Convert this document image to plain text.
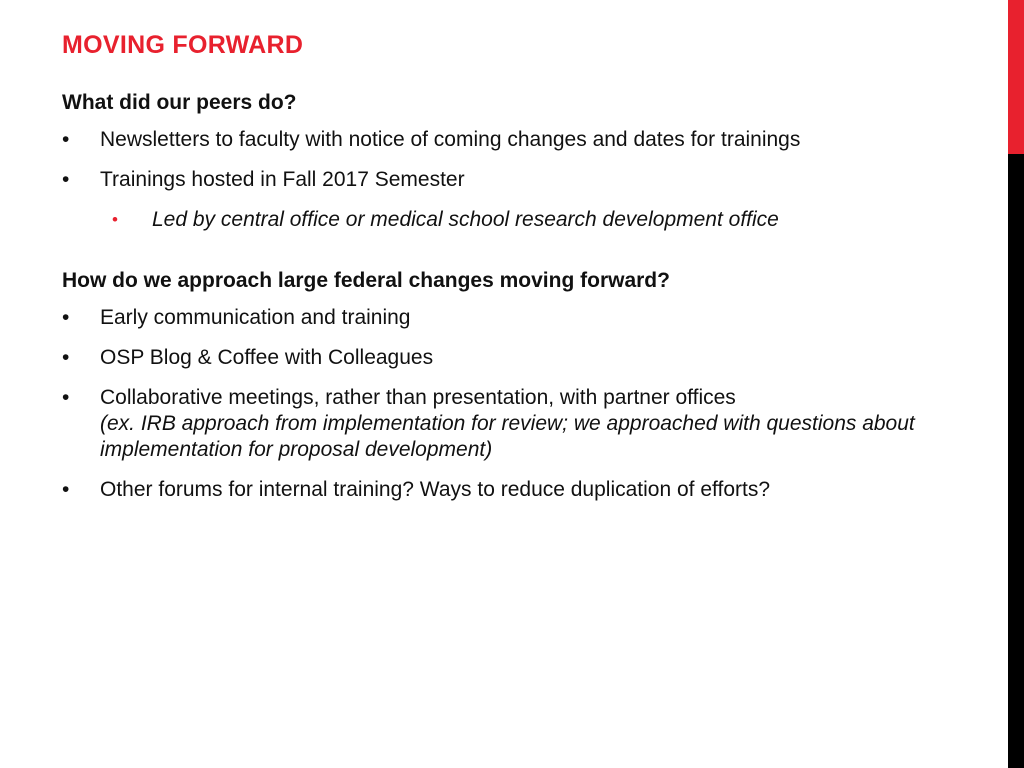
MOVING FORWARD

What did our peers do?

•	Newsletters to faculty with notice of coming changes and dates for trainings
•	Trainings hosted in Fall 2017 Semester
• Led by central office or medical school research development office

How do we approach large federal changes moving forward?

•	Early communication and training
•	OSP Blog & Coffee with Colleagues
•	Collaborative meetings, rather than presentation, with partner offices
(ex. IRB approach from implementation for review; we approached with questions about implementation for proposal development)
•	Other forums for internal training? Ways to reduce duplication of efforts?
